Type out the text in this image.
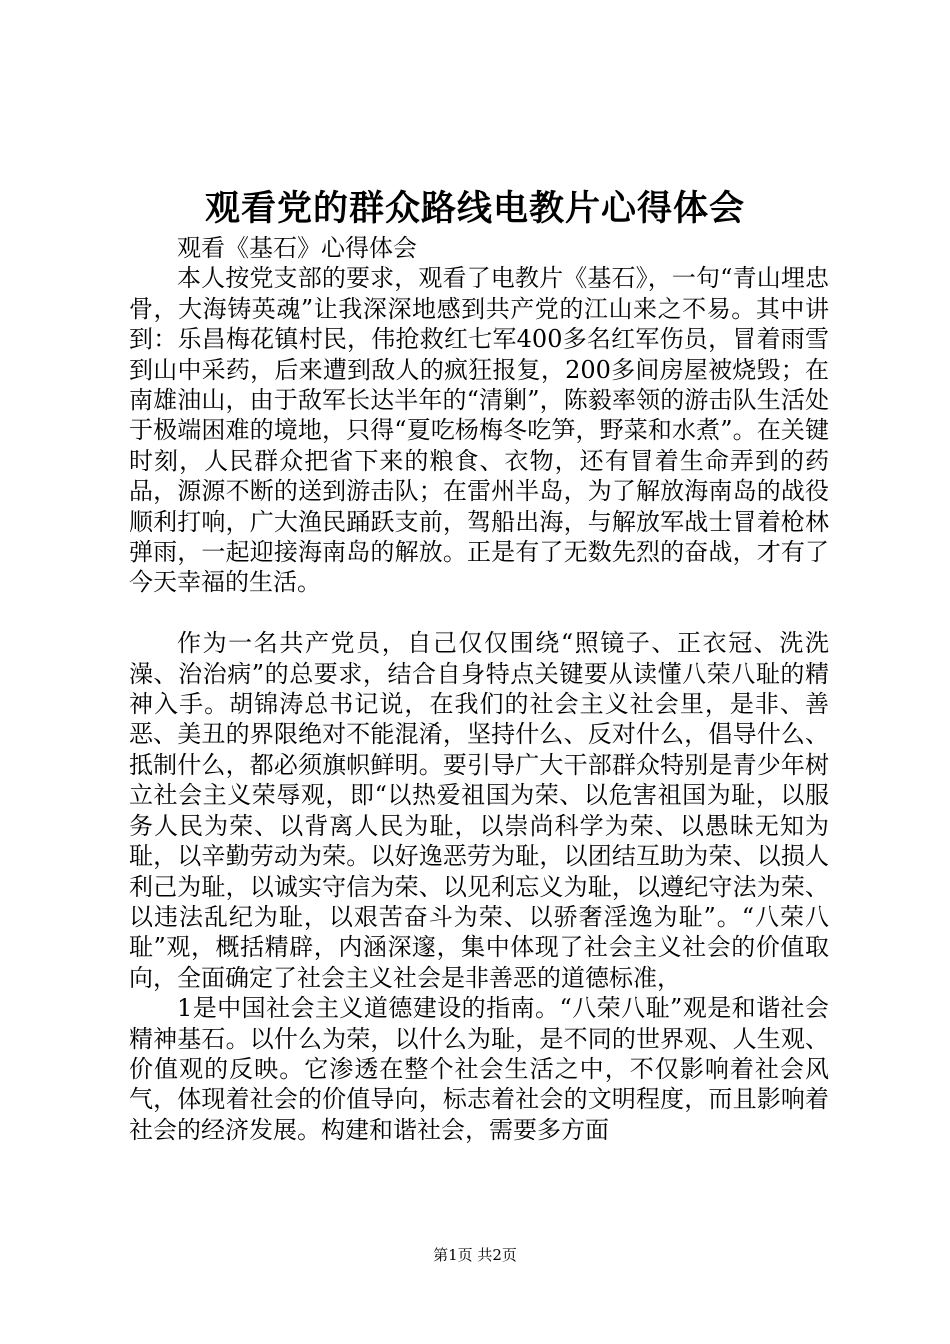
观看党的群众路线电教片心得体会

观看《基石》心得体会

本人按党支部的要求，观看了电教片《基石》，一句“青山埋忠骨，大海铸英魂”让我深深地感到共产党的江山来之不易。其中讲到：乐昌梅花镇村民，伟抢救红七军400多名红军伤员，冒着雨雪到山中采药，后来遭到敌人的疯狂报复，200多间房屋被烧毁；在南雄油山，由于敌军长达半年的“清剿”，陈毅率领的游击队生活处于极端困难的境地，只得“夏吃杨梅冬吃笋，野菜和水煮”。在关键时刻，人民群众把省下来的粮食、衣物，还有冒着生命弄到的药品，源源不断的送到游击队；在雷州半岛，为了解放海南岛的战役顺利打响，广大渔民踊跃支前，驾船出海，与解放军战士冒着枪林弹雨，一起迎接海南岛的解放。正是有了无数先烈的奋战，才有了今天幸福的生活。

作为一名共产党员，自己仅仅围绕“照镜子、正衣冠、洗洗澡、治治病”的总要求，结合自身特点关键要从读懂八荣八耻的精神入手。胡锦涛总书记说，在我们的社会主义社会里，是非、善恶、美丑的界限绝对不能混淆，坚持什么、反对什么，倡导什么、抵制什么，都必须旗帜鲜明。要引导广大干部群众特别是青少年树立社会主义荣辱观，即“以热爱祖国为荣、以危害祖国为耻，以服务人民为荣、以背离人民为耻，以崇尚科学为荣、以愚昧无知为耻，以辛勤劳动为荣。以好逸恶劳为耻，以团结互助为荣、以损人利己为耻，以诚实守信为荣、以见利忘义为耻，以遵纪守法为荣、以违法乱纪为耻，以艰苦奋斗为荣、以骄奢淫逸为耻”。“八荣八耻”观，概括精辟，内涵深邃，集中体现了社会主义社会的价值取向，全面确定了社会主义社会是非善恶的道德标准，

1是中国社会主义道德建设的指南。“八荣八耻”观是和谐社会精神基石。以什么为荣，以什么为耻，是不同的世界观、人生观、价值观的反映。它渗透在整个社会生活之中，不仅影响着社会风气，体现着社会的价值导向，标志着社会的文明程度，而且影响着社会的经济发展。构建和谐社会，需要多方面

第1页 共2页
